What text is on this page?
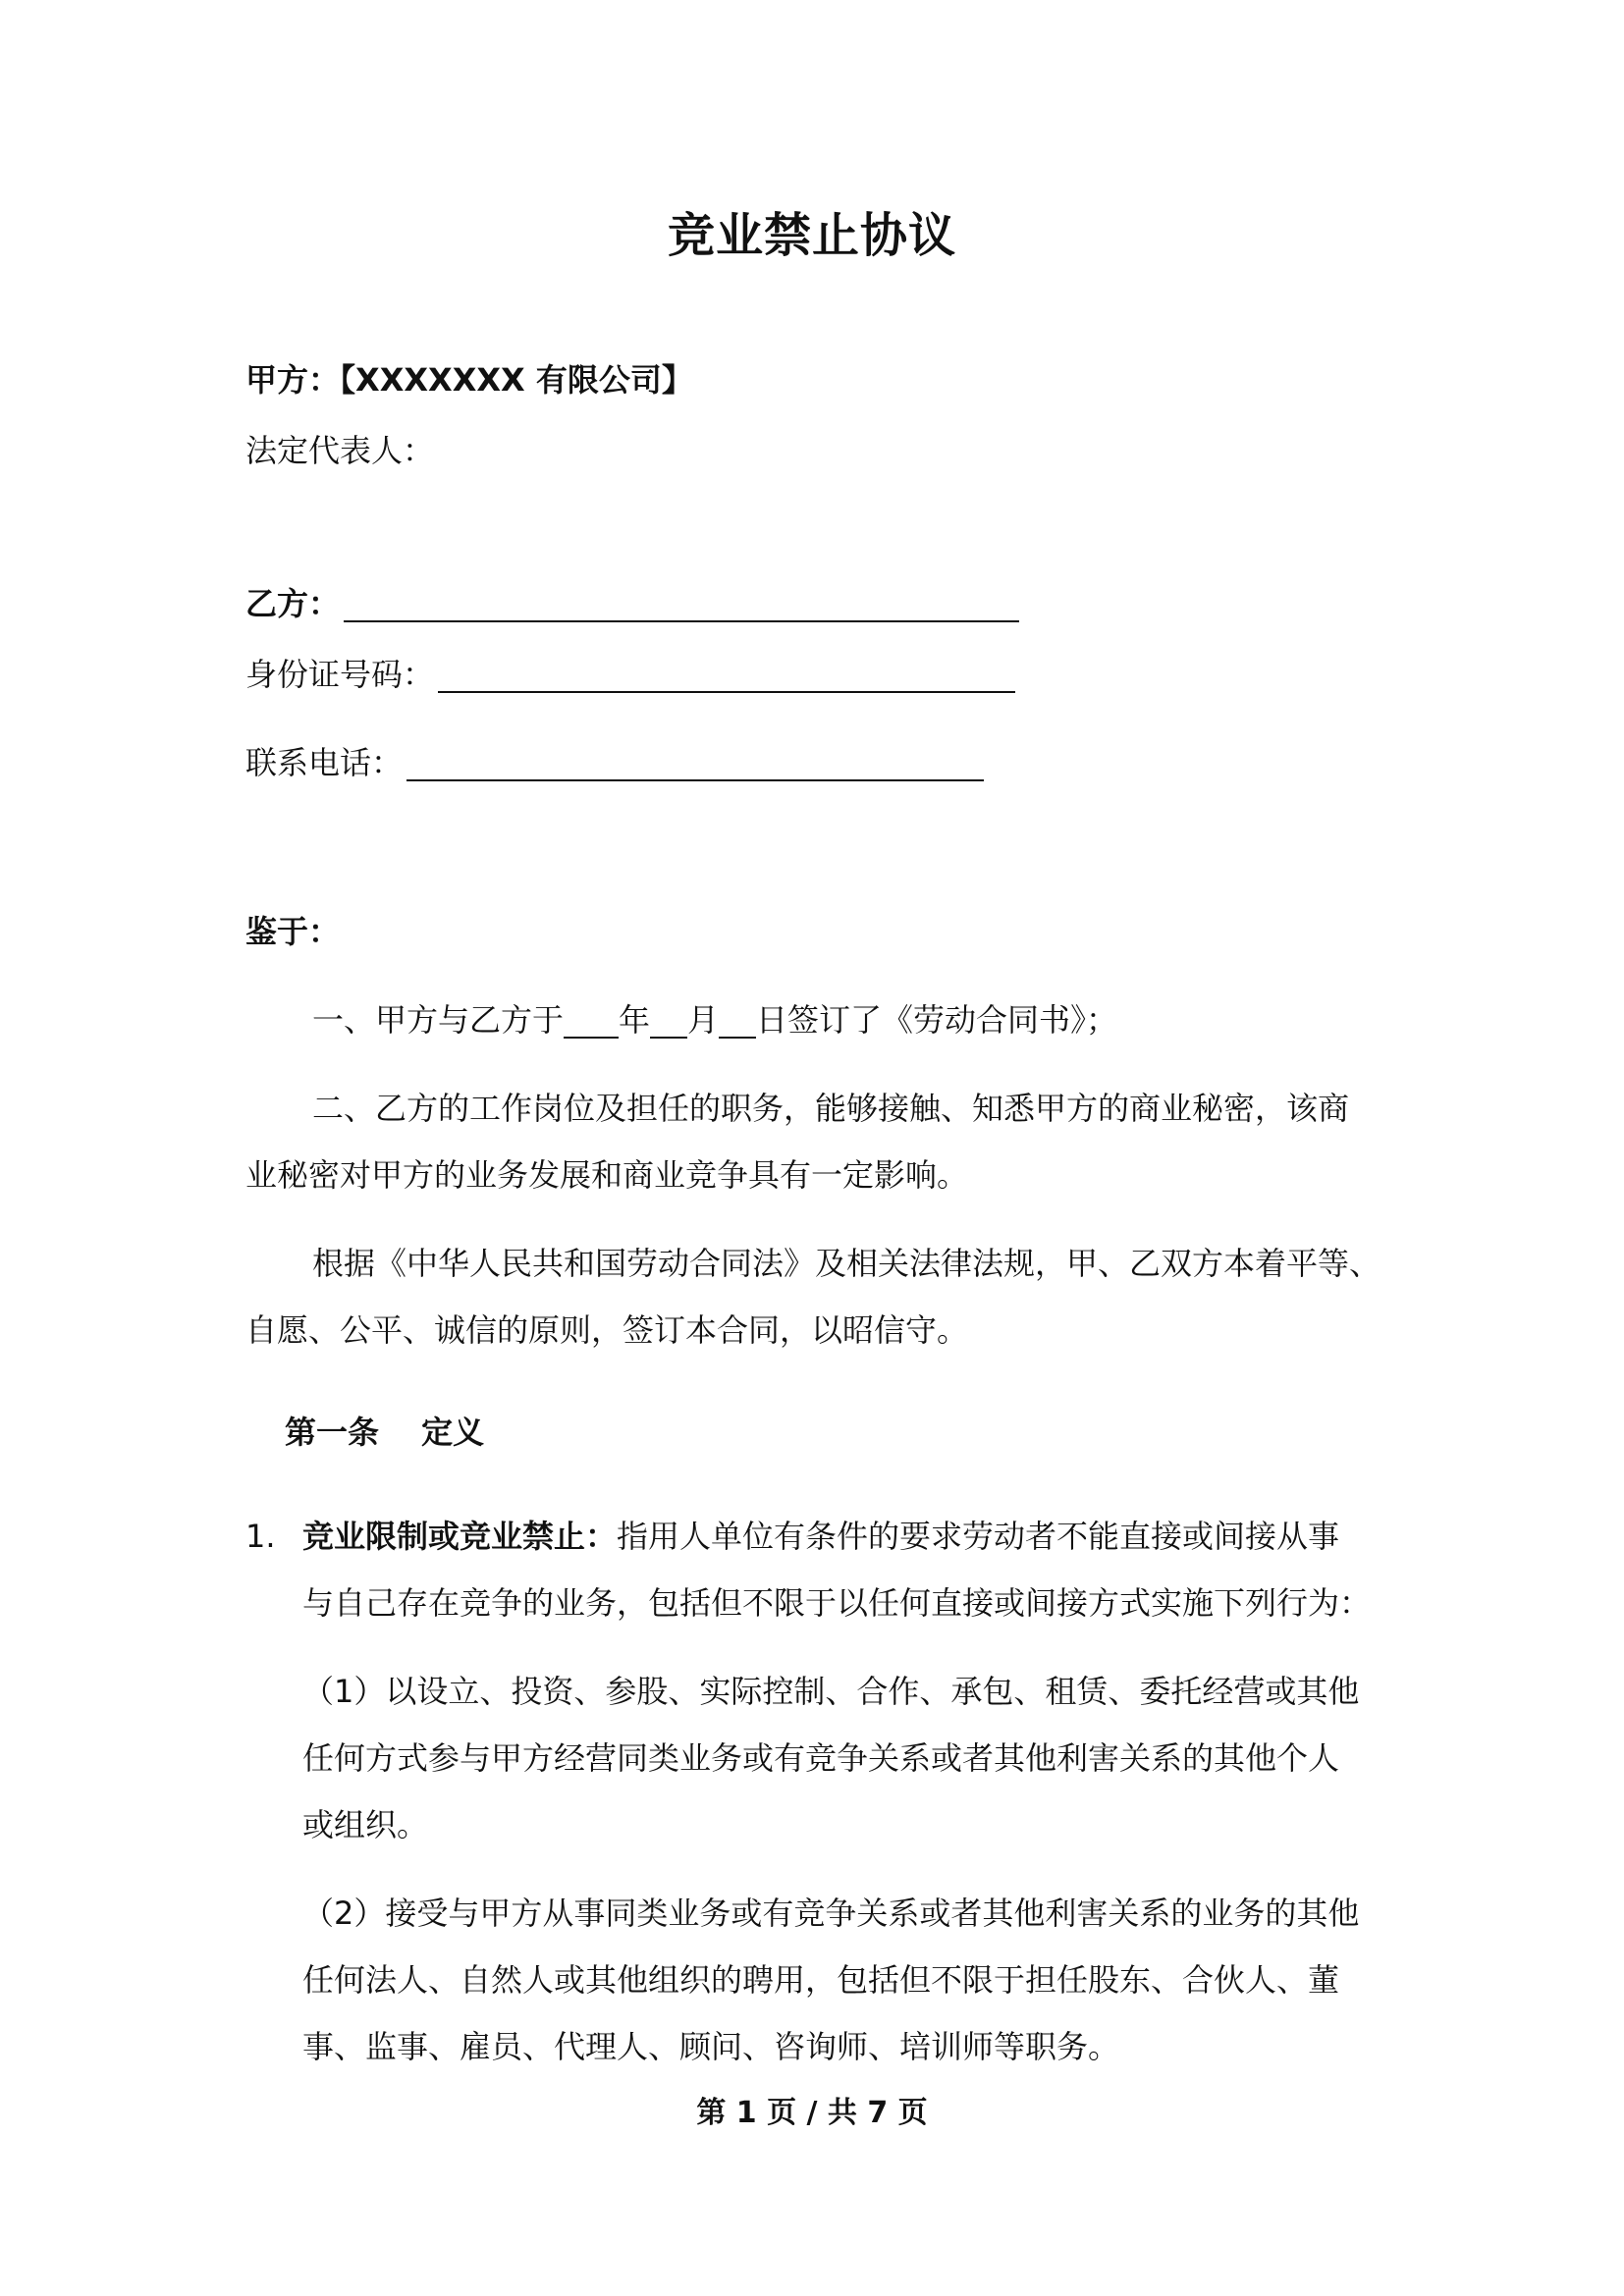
竞业禁止协议
甲方：【XXXXXXX 有限公司】
法定代表人：
乙方：
身份证号码：
联系电话：
鉴于：
一、甲方与乙方于 年 月 日签订了《劳动合同书》；
二、乙方的工作岗位及担任的职务，能够接触、知悉甲方的商业秘密，该商
业秘密对甲方的业务发展和商业竞争具有一定影响。
根据《中华人民共和国劳动合同法》及相关法律法规，甲、乙双方本着平等、
自愿、公平、诚信的原则，签订本合同，以昭信守。
第一条　 定义
1. 竞业限制或竞业禁止：指用人单位有条件的要求劳动者不能直接或间接从事
与自己存在竞争的业务，包括但不限于以任何直接或间接方式实施下列行为：
（1）以设立、投资、参股、实际控制、合作、承包、租赁、委托经营或其他
任何方式参与甲方经营同类业务或有竞争关系或者其他利害关系的其他个人
或组织。
（2）接受与甲方从事同类业务或有竞争关系或者其他利害关系的业务的其他
任何法人、自然人或其他组织的聘用，包括但不限于担任股东、合伙人、董
事、监事、雇员、代理人、顾问、咨询师、培训师等职务。
第 1 页 / 共 7 页
